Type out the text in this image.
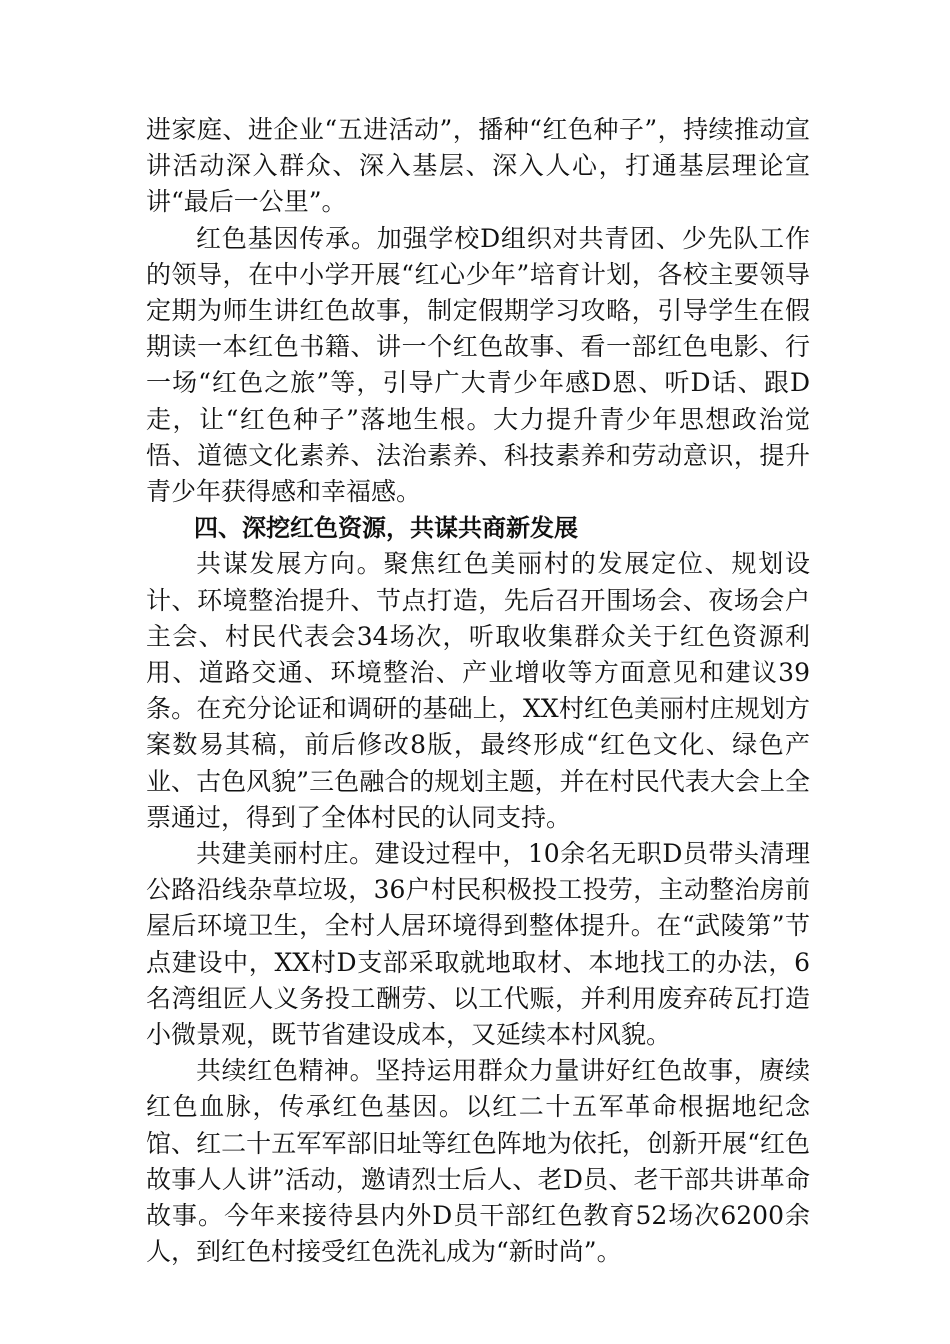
进家庭、进企业“五进活动”，播种“红色种子”，持续推动宣讲活动深入群众、深入基层、深入人心，打通基层理论宣讲“最后一公里”。

红色基因传承。加强学校D组织对共青团、少先队工作的领导，在中小学开展“红心少年”培育计划，各校主要领导定期为师生讲红色故事，制定假期学习攻略，引导学生在假期读一本红色书籍、讲一个红色故事、看一部红色电影、行一场“红色之旅”等，引导广大青少年感D恩、听D话、跟D走，让“红色种子”落地生根。大力提升青少年思想政治觉悟、道德文化素养、法治素养、科技素养和劳动意识，提升青少年获得感和幸福感。

四、深挖红色资源，共谋共商新发展

共谋发展方向。聚焦红色美丽村的发展定位、规划设计、环境整治提升、节点打造，先后召开围场会、夜场会户主会、村民代表会34场次，听取收集群众关于红色资源利用、道路交通、环境整治、产业增收等方面意见和建议39条。在充分论证和调研的基础上，XX村红色美丽村庄规划方案数易其稿，前后修改8版，最终形成“红色文化、绿色产业、古色风貌”三色融合的规划主题，并在村民代表大会上全票通过，得到了全体村民的认同支持。

共建美丽村庄。建设过程中，10余名无职D员带头清理公路沿线杂草垃圾，36户村民积极投工投劳，主动整治房前屋后环境卫生，全村人居环境得到整体提升。在“武陵第”节点建设中，XX村D支部采取就地取材、本地找工的办法，6名湾组匠人义务投工酬劳、以工代赈，并利用废弃砖瓦打造小微景观，既节省建设成本，又延续本村风貌。

共续红色精神。坚持运用群众力量讲好红色故事，赓续红色血脉，传承红色基因。以红二十五军革命根据地纪念馆、红二十五军军部旧址等红色阵地为依托，创新开展“红色故事人人讲”活动，邀请烈士后人、老D员、老干部共讲革命故事。今年来接待县内外D员干部红色教育52场次6200余人，到红色村接受红色洗礼成为“新时尚”。
